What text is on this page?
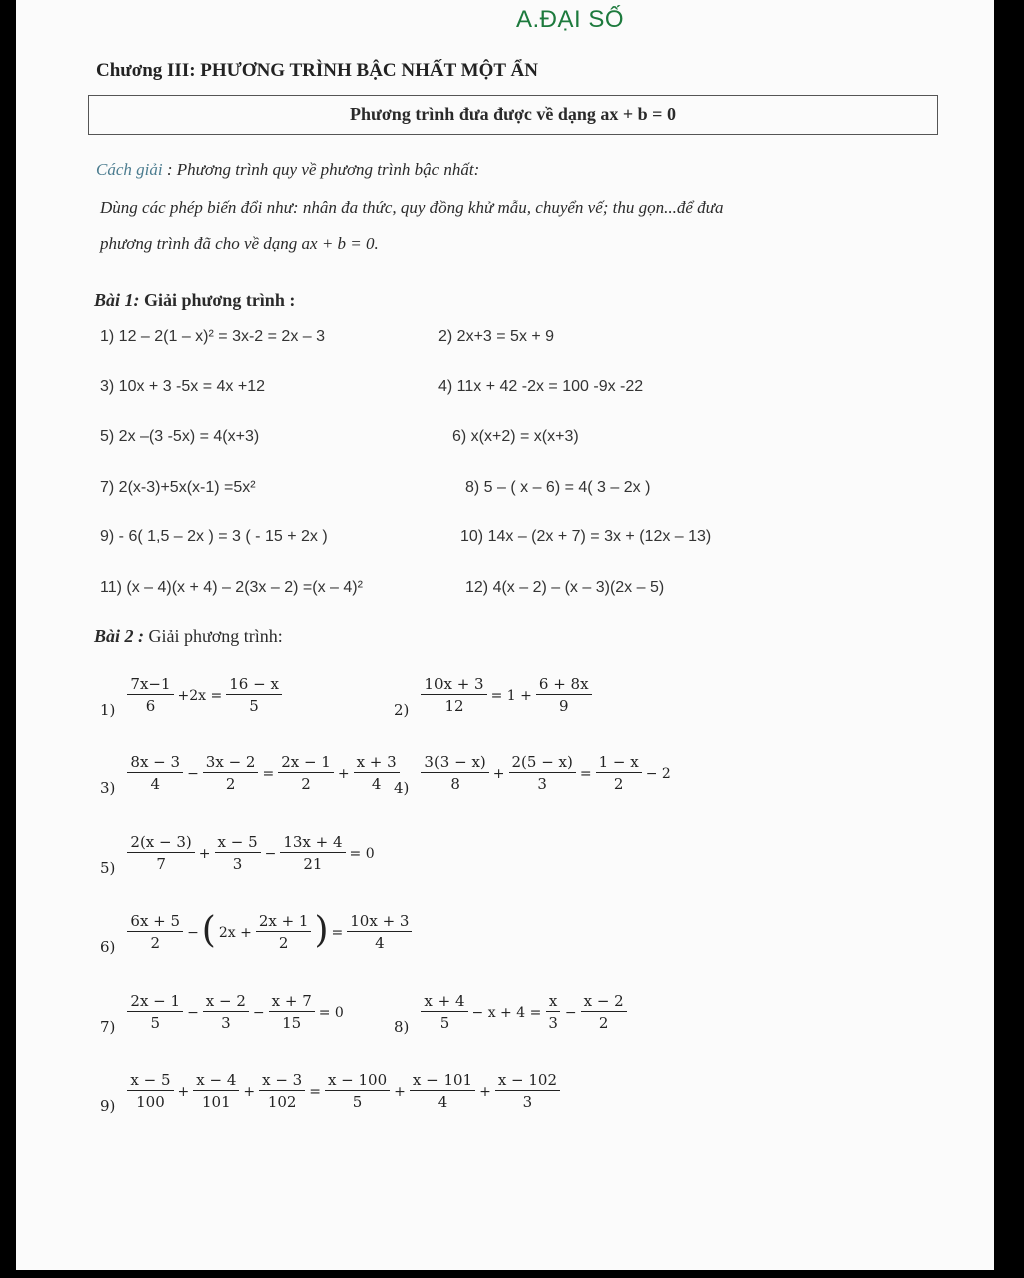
A.ĐẠI SỐ
Chương III: PHƯƠNG TRÌNH BẬC NHẤT MỘT ẨN
Phương trình đưa được về dạng ax + b = 0
Cách giải : Phương trình quy về phương trình bậc nhất:
Dùng các phép biến đổi như: nhân đa thức, quy đồng khử mẫu, chuyển vế; thu gọn...để đưa
phương trình đã cho về dạng ax + b = 0.
Bài 1: Giải phương trình :
1) 12 – 2(1 – x)² = 3x-2 = 2x – 3	2) 2x+3 = 5x + 9
3) 10x + 3 -5x = 4x +12	4) 11x + 42 -2x = 100 -9x -22
5) 2x –(3 -5x) = 4(x+3)	6) x(x+2) = x(x+3)
7) 2(x-3)+5x(x-1) =5x²	8) 5 – ( x – 6) = 4( 3 – 2x )
9) - 6( 1,5 – 2x ) = 3 ( - 15 + 2x )	10) 14x – (2x + 7) = 3x + (12x – 13)
11) (x – 4)(x + 4) – 2(3x – 2) =(x – 4)²	12) 4(x – 2) – (x – 3)(2x – 5)
Bài 2 : Giải phương trình:
$1) \frac{7x-1}{6} +2x = \frac{16 - x}{5}$	$2) \frac{10x + 3}{12} = 1 + \frac{6 + 8x}{9}$
$3) \frac{8x - 3}{4} - \frac{3x - 2}{2} = \frac{2x - 1}{2} + \frac{x + 3}{4}$
$4) \frac{3(3 - x)}{8} + \frac{2(5 - x)}{3} = \frac{1 - x}{2} - 2$
$5) \frac{2(x - 3)}{7} + \frac{x - 5}{3} - \frac{13x + 4}{21} = 0$
$6) \frac{6x + 5}{2}$ − ( $2x + \frac{2x + 1}{2}$ ) = $\frac{10x + 3}{4}$
$7) \frac{2x - 1}{5} - \frac{x - 2}{3} - \frac{x + 7}{15} = 0$
$8) \frac{x + 4}{5} - x + 4 = \frac{x}{3} - \frac{x - 2}{2}$
$9) \frac{x - 5}{100} + \frac{x - 4}{101} + \frac{x - 3}{102} = \frac{x - 100}{5} + \frac{x - 101}{4} + \frac{x - 102}{3}$
